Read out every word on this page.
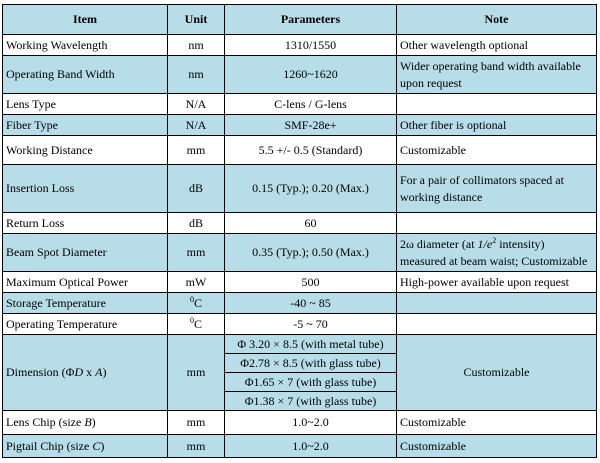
Item	Unit	Parameters	Note
Working Wavelength	nm	1310/1550	Other wavelength optional
Operating Band Width	nm	1260~1620	Wider operating band width available upon request
Lens Type	N/A	C-lens / G-lens	
Fiber Type	N/A	SMF-28e+	Other fiber is optional
Working Distance	mm	5.5 +/- 0.5 (Standard)	Customizable
Insertion Loss	dB	0.15 (Typ.); 0.20 (Max.)	For a pair of collimators spaced at working distance
Return Loss	dB	60	
Beam Spot Diameter	mm	0.35 (Typ.); 0.50 (Max.)	2ω diameter (at $1/e^2$ intensity) measured at beam waist; Customizable
Maximum Optical Power	mW	500	High-power available upon request
Storage Temperature	$^0$C	-40 ~ 85	
Operating Temperature	$^0$C	-5 ~ 70	
Dimension (ΦD x A)	mm	Φ 3.20 × 8.5 (with metal tube)
Φ2.78 × 8.5 (with glass tube)
Φ1.65 × 7 (with glass tube)
Φ1.38 × 7 (with glass tube)	Customizable
Lens Chip (size B)	mm	1.0~2.0	Customizable
Pigtail Chip (size C)	mm	1.0~2.0	Customizable
